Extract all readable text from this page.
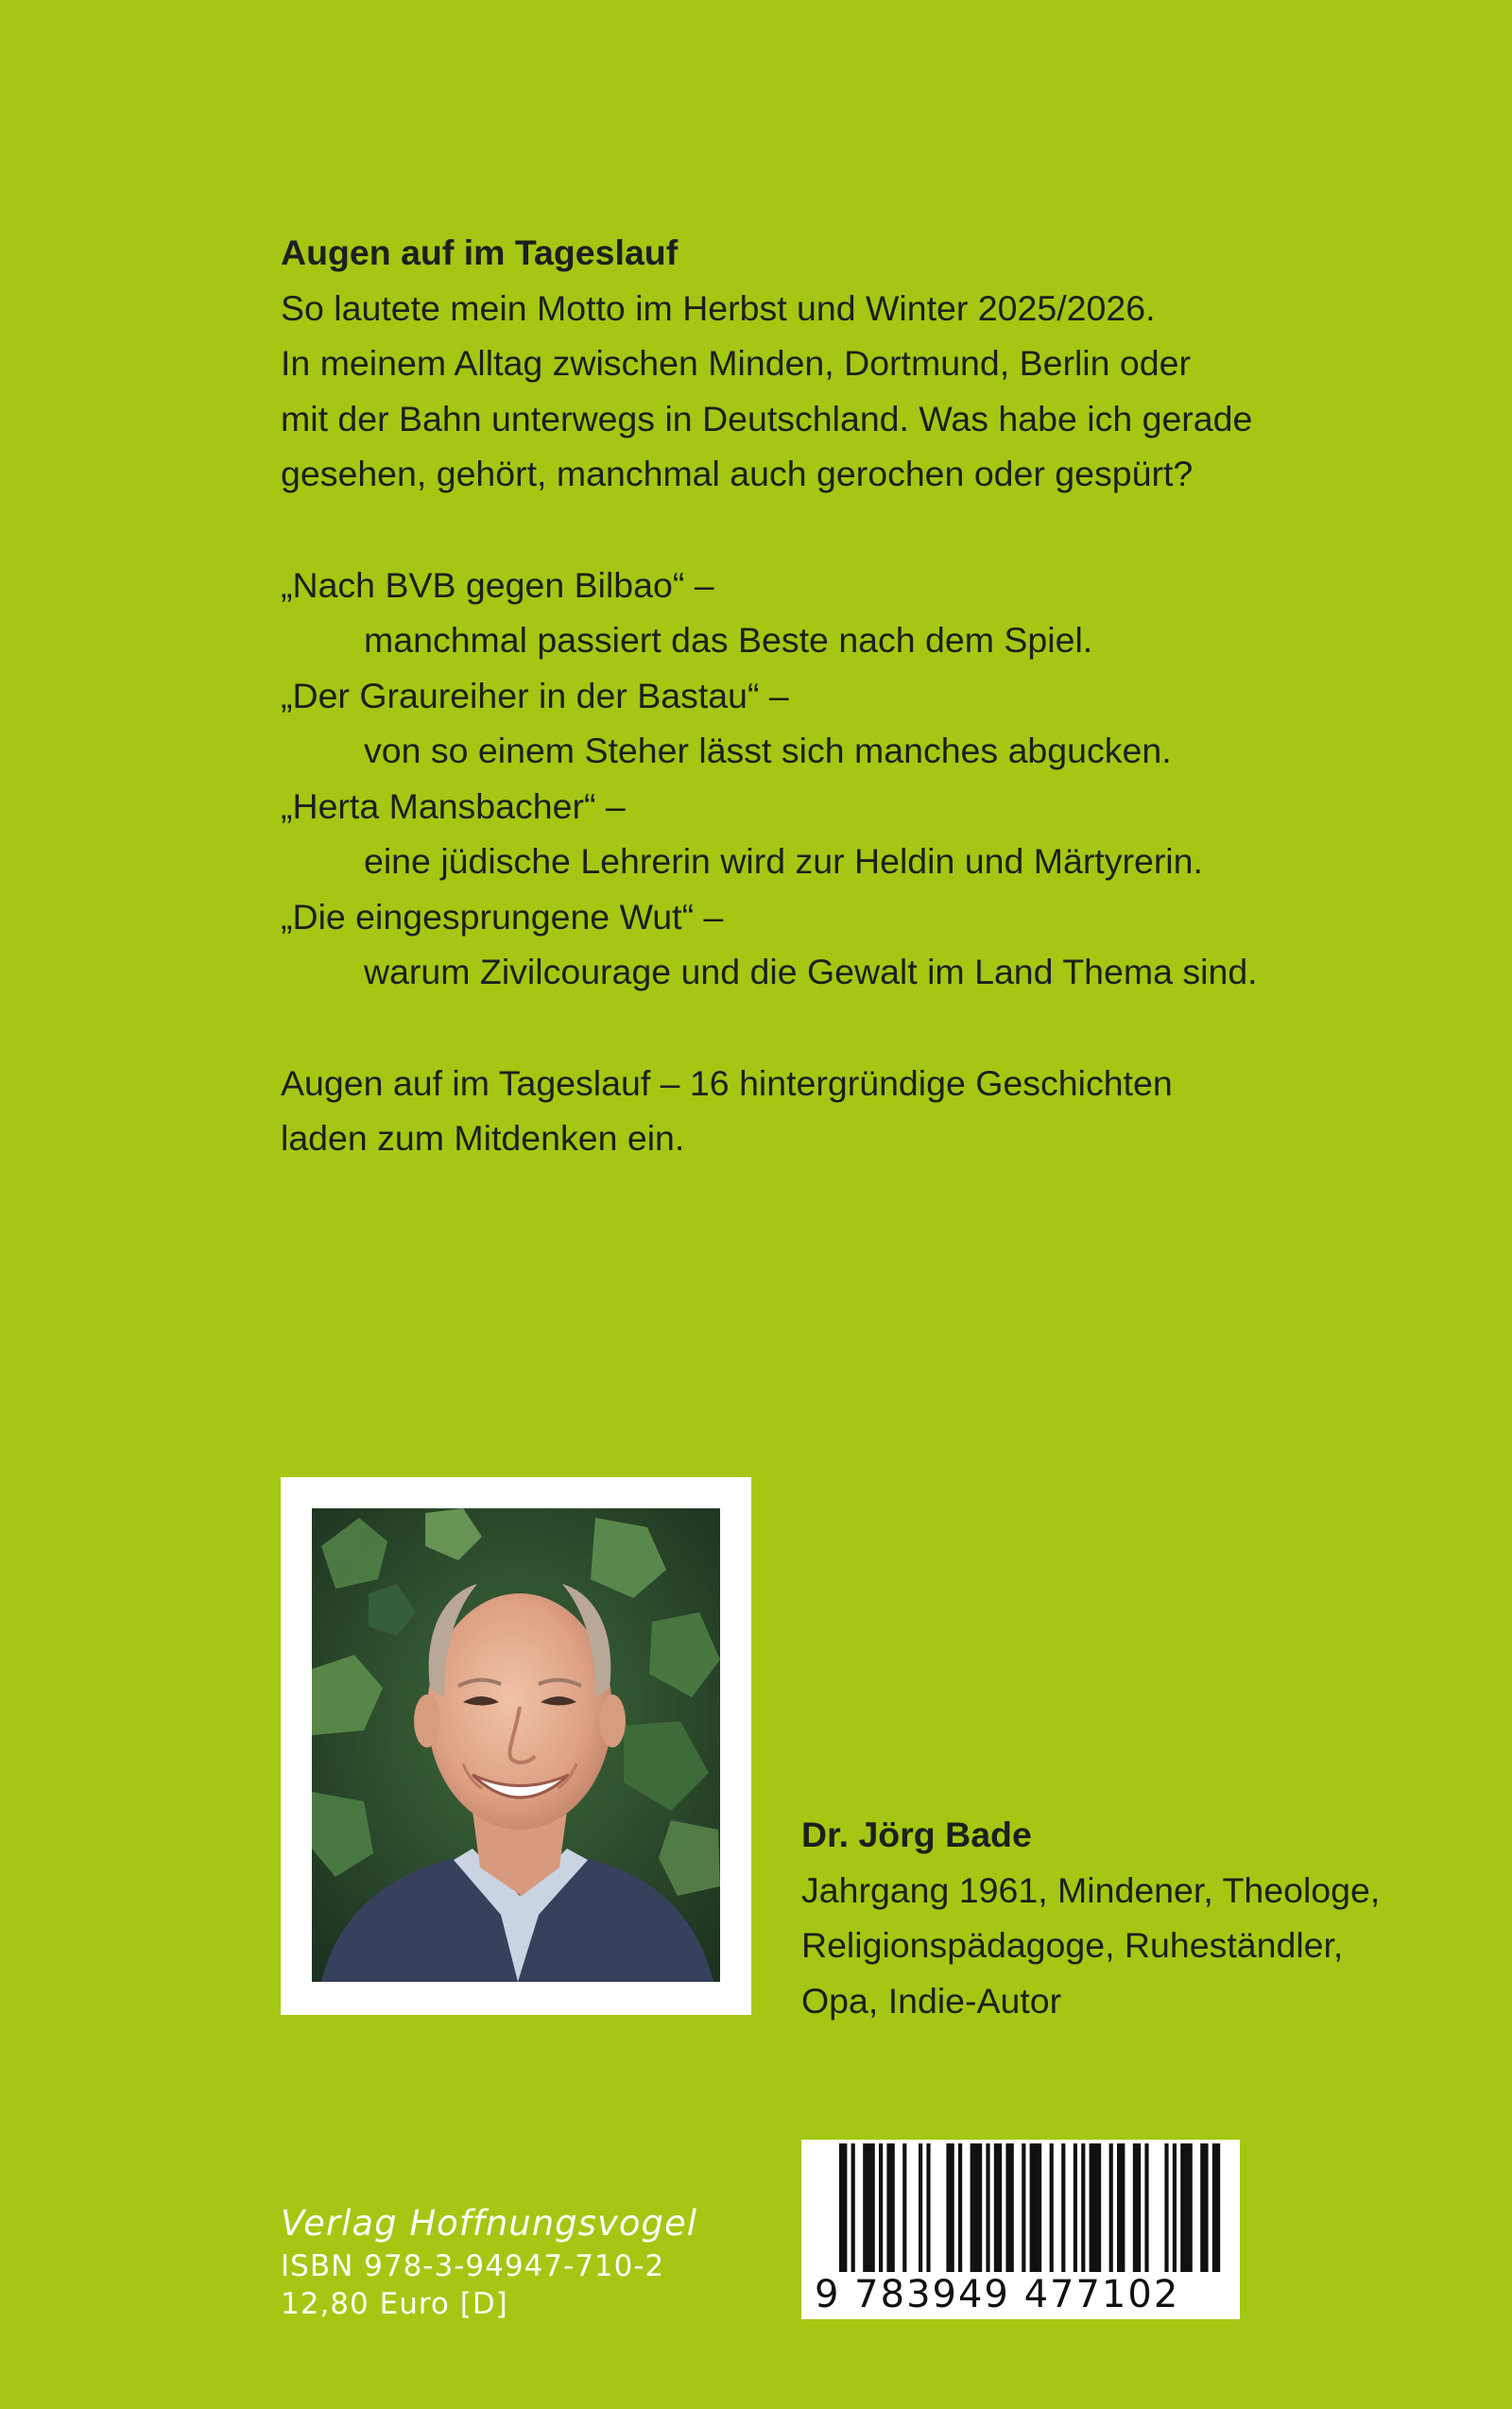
Augen auf im Tageslauf
So lautete mein Motto im Herbst und Winter 2025/2026.
In meinem Alltag zwischen Minden, Dortmund, Berlin oder
mit der Bahn unterwegs in Deutschland. Was habe ich gerade
gesehen, gehört, manchmal auch gerochen oder gespürt?
„Nach BVB gegen Bilbao“ –
manchmal passiert das Beste nach dem Spiel.
„Der Graureiher in der Bastau“ –
von so einem Steher lässt sich manches abgucken.
„Herta Mansbacher“ –
eine jüdische Lehrerin wird zur Heldin und Märtyrerin.
„Die eingesprungene Wut“ –
warum Zivilcourage und die Gewalt im Land Thema sind.
Augen auf im Tageslauf – 16 hintergründige Geschichten
laden zum Mitdenken ein.
Dr. Jörg Bade
Jahrgang 1961, Mindener, Theologe,
Religionspädagoge, Ruheständler,
Opa, Indie-Autor
Verlag Hoffnungsvogel
ISBN 978-3-94947-710-2
12,80 Euro [D]	9 783949 477102
